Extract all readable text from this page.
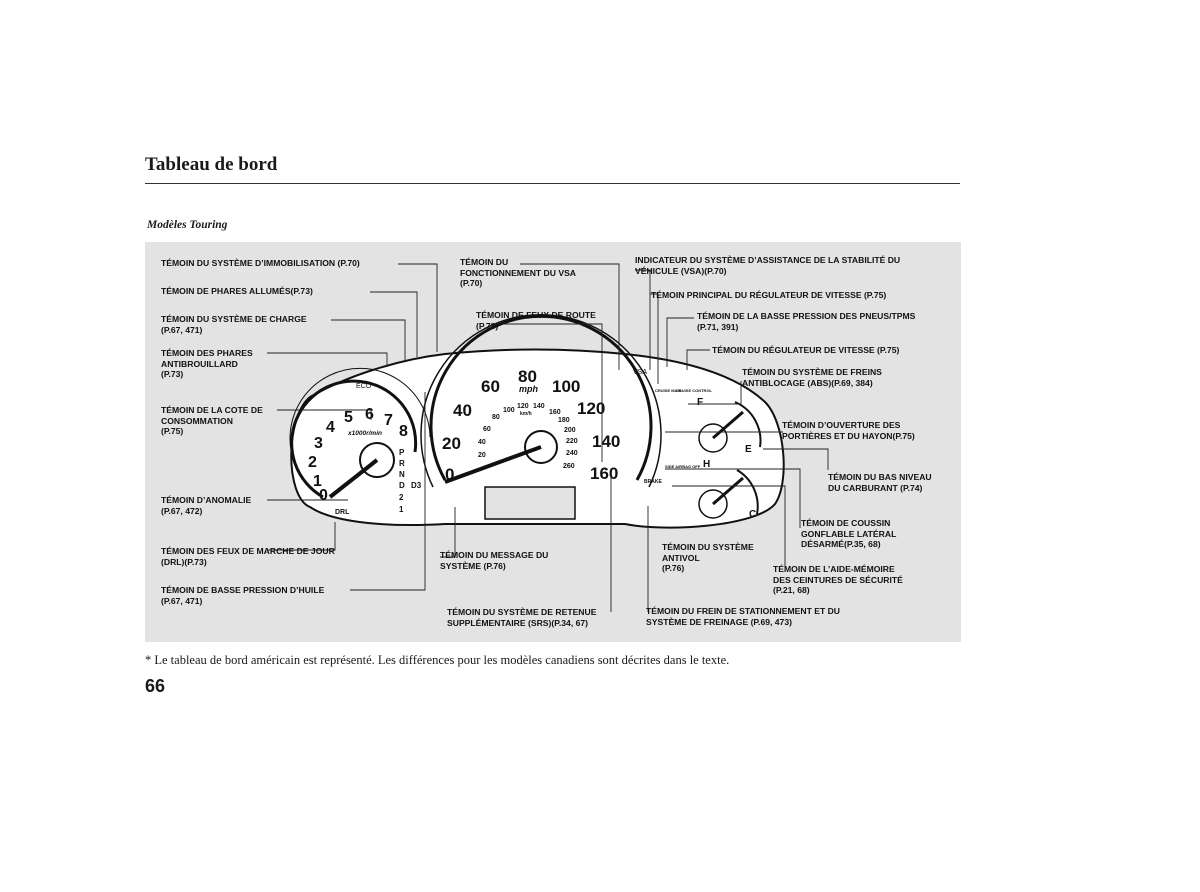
Tableau de bord
Modèles Touring
0
1
2
3
4
5 6 7
8
x1000r/min
ECO
DRL
P
R
N
D D3
2
1
0
20
40
60
80
100
120
140
160
mph
20
40
60
80
100
120 140
160
180
200
220
240
260
km/h
VSA
BRAKE
F
E
H
C
CRUISE MAIN
CRUISE CONTROL
SIDE AIRBAG OFF
TÉMOIN DU SYSTÈME D’IMMOBILISATION (P.70)
TÉMOIN DE PHARES ALLUMÉS(P.73)
TÉMOIN DU SYSTÈME DE CHARGE
(P.67, 471)
TÉMOIN DES PHARES
ANTIBROUILLARD
(P.73)
TÉMOIN DE LA COTE DE
CONSOMMATION
(P.75)
TÉMOIN D’ANOMALIE
(P.67, 472)
TÉMOIN DES FEUX DE MARCHE DE JOUR
(DRL)(P.73)
TÉMOIN DE BASSE PRESSION D’HUILE
(P.67, 471)
TÉMOIN DU
FONCTIONNEMENT DU VSA
(P.70)
TÉMOIN DE FEUX DE ROUTE
(P.73)
TÉMOIN DU MESSAGE DU
SYSTÈME (P.76)
TÉMOIN DU SYSTÈME DE RETENUE
SUPPLÉMENTAIRE (SRS)(P.34, 67)
INDICATEUR DU SYSTÈME D’ASSISTANCE DE LA STABILITÉ DU
VÉHICULE (VSA)(P.70)
TÉMOIN PRINCIPAL DU RÉGULATEUR DE VITESSE (P.75)
TÉMOIN DE LA BASSE PRESSION DES PNEUS/TPMS
(P.71, 391)
TÉMOIN DU RÉGULATEUR DE VITESSE (P.75)
TÉMOIN DU SYSTÈME DE FREINS
ANTIBLOCAGE (ABS)(P.69, 384)
TÉMOIN D’OUVERTURE DES
PORTIÈRES ET DU HAYON(P.75)
TÉMOIN DU BAS NIVEAU
DU CARBURANT (P.74)
TÉMOIN DE COUSSIN
GONFLABLE LATÉRAL
DÉSARMÉ(P.35, 68)
TÉMOIN DE L’AIDE-MÉMOIRE
DES CEINTURES DE SÉCURITÉ
(P.21, 68)
TÉMOIN DU SYSTÈME
ANTIVOL
(P.76)
TÉMOIN DU FREIN DE STATIONNEMENT ET DU
SYSTÈME DE FREINAGE (P.69, 473)
* Le tableau de bord américain est représenté. Les différences pour les modèles canadiens sont décrites dans le texte.
66
